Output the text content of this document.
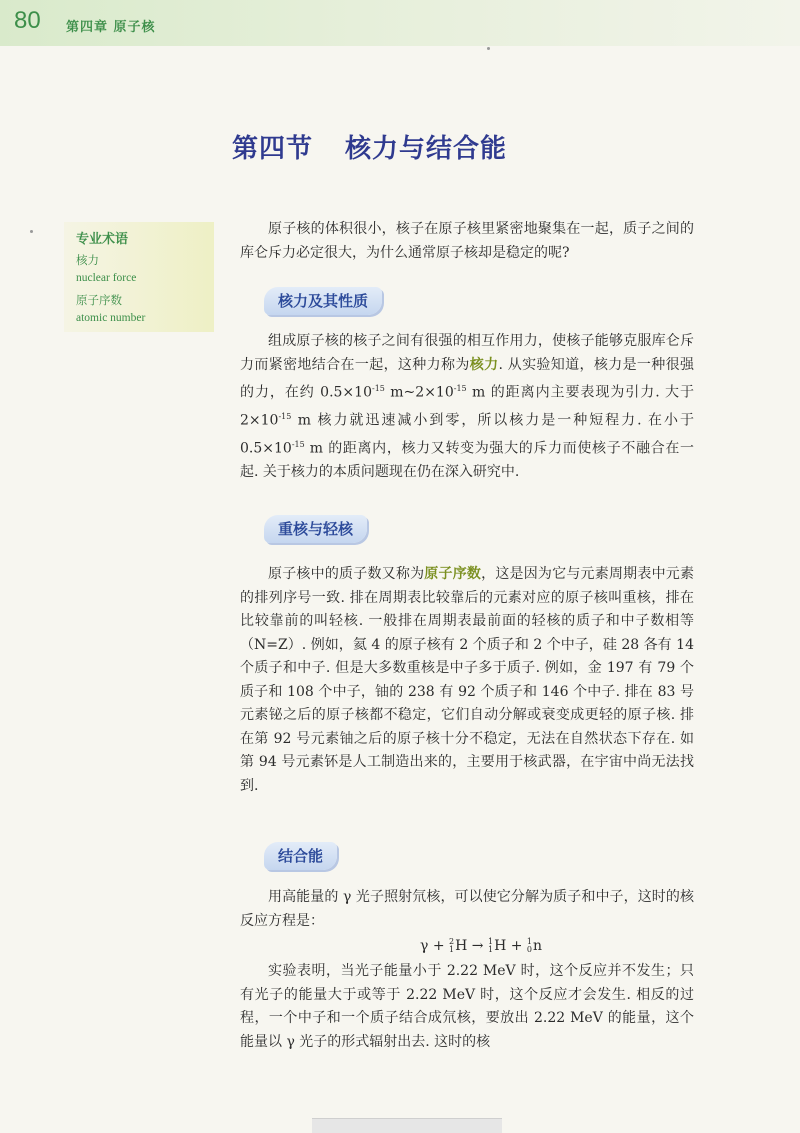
80 第四章 原子核
第四节 核力与结合能
专业术语
核力
nuclear force
原子序数
atomic number

原子核的体积很小，核子在原子核里紧密地聚集在一起，质子之间的库仑斥力必定很大，为什么通常原子核却是稳定的呢?

核力及其性质

组成原子核的核子之间有很强的相互作用力，使核子能够克服库仑斥力而紧密地结合在一起，这种力称为核力. 从实验知道，核力是一种很强的力，在约 $0.5\times 10^{-15}$ $m\sim 2\times 10^{-15}$ m 的距离内主要表现为引力. 大于 $2\times 10^{-15}$ m 核力就迅速减小到零，所以核力是一种短程力. 在小于 $0.5\times 10^{-15}$ m 的距离内，核力又转变为强大的斥力而使核子不融合在一起. 关于核力的本质问题现在仍在深入研究中.

重核与轻核

原子核中的质子数又称为原子序数，这是因为它与元素周期表中元素的排列序号一致. 排在周期表比较靠后的元素对应的原子核叫重核，排在比较靠前的叫轻核. 一般排在周期表最前面的轻核的质子和中子数相等（N=Z）. 例如，氦 4 的原子核有 2 个质子和 2 个中子，硅 28 各有 14 个质子和中子. 但是大多数重核是中子多于质子. 例如，金 197 有 79 个质子和 108 个中子，铀的 238 有 92 个质子和 146 个中子. 排在 83 号元素铋之后的原子核都不稳定，它们自动分解或衰变成更轻的原子核. 排在第 92 号元素铀之后的原子核十分不稳定，无法在自然状态下存在. 如第 94 号元素钚是人工制造出来的，主要用于核武器，在宇宙中尚无法找到.

结合能

用高能量的 γ 光子照射氘核，可以使它分解为质子和中子，这时的核反应方程是：

γ + 2
1 H → 1
1 H + 1
0 n

实验表明，当光子能量小于 2.22 MeV 时，这个反应并不发生；只有光子的能量大于或等于 2.22 MeV 时，这个反应才会发生. 相反的过程，一个中子和一个质子结合成氘核，要放出 2.22 MeV 的能量，这个能量以 γ 光子的形式辐射出去. 这时的核
